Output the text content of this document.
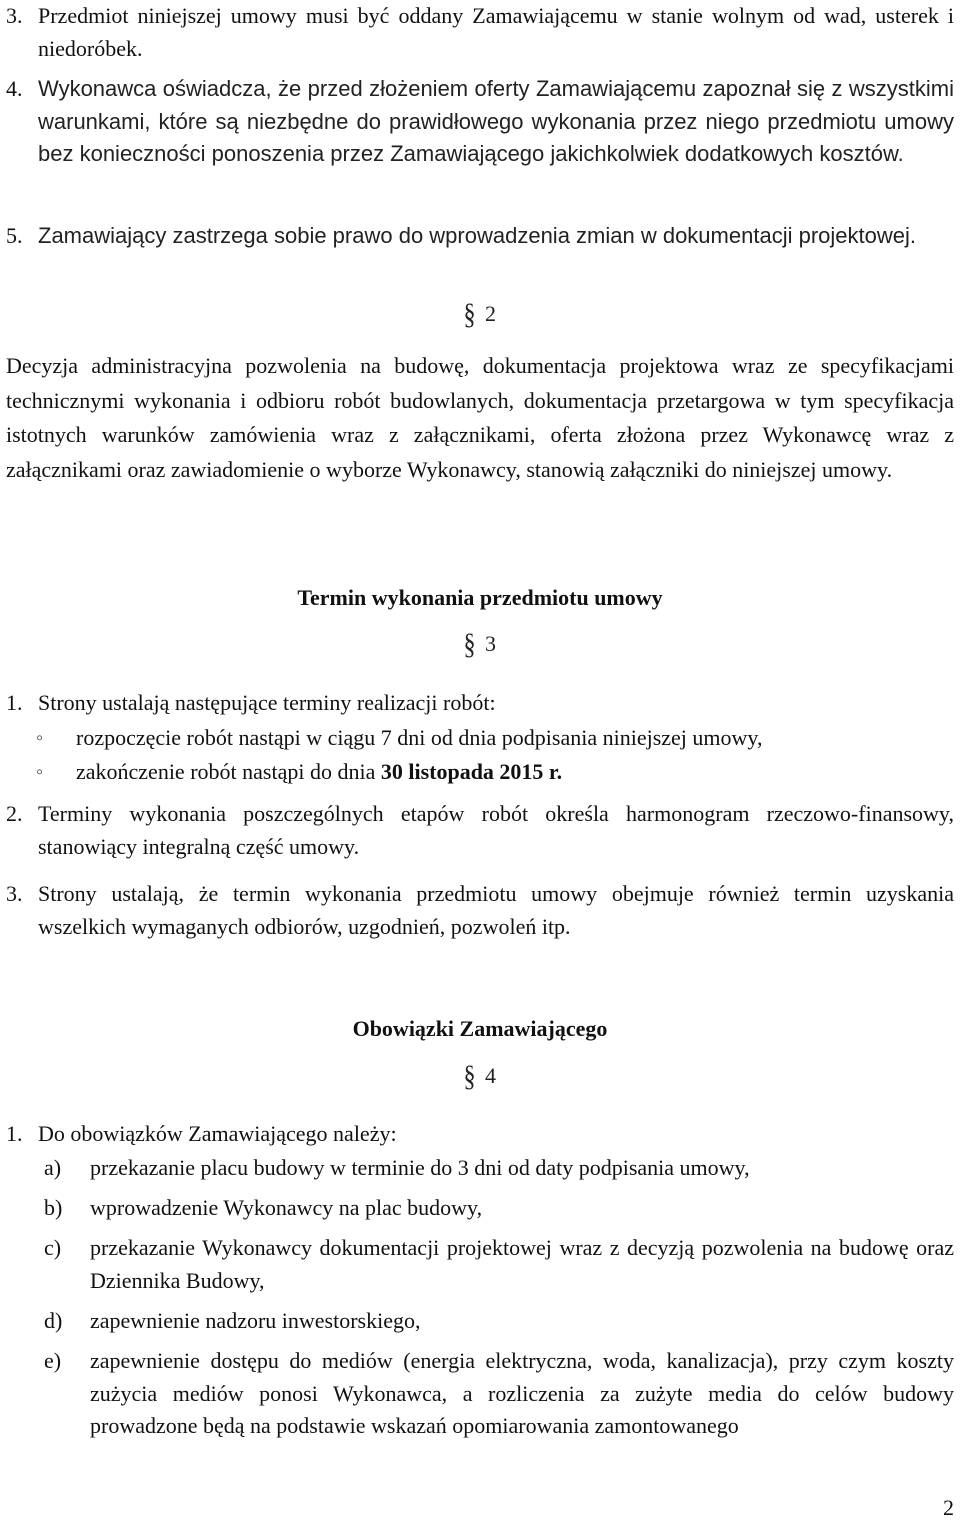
3. Przedmiot niniejszej umowy musi być oddany Zamawiającemu w stanie wolnym od wad, usterek i niedoróbek.
4. Wykonawca oświadcza, że przed złożeniem oferty Zamawiającemu zapoznał się z wszystkimi warunkami, które są niezbędne do prawidłowego wykonania przez niego przedmiotu umowy bez konieczności ponoszenia przez Zamawiającego jakichkolwiek dodatkowych kosztów.
5. Zamawiający zastrzega sobie prawo do wprowadzenia zmian w dokumentacji projektowej.
§ 2
Decyzja administracyjna pozwolenia na budowę, dokumentacja projektowa wraz ze specyfikacjami technicznymi wykonania i odbioru robót budowlanych, dokumentacja przetargowa w tym specyfikacja istotnych warunków zamówienia wraz z załącznikami, oferta złożona przez Wykonawcę wraz z załącznikami oraz zawiadomienie o wyborze Wykonawcy, stanowią załączniki do niniejszej umowy.
Termin wykonania przedmiotu umowy
§ 3
1. Strony ustalają następujące terminy realizacji robót:
◦	rozpoczęcie robót nastąpi w ciągu 7 dni od dnia podpisania niniejszej umowy,
◦	zakończenie robót nastąpi do dnia 30 listopada 2015 r.
2. Terminy wykonania poszczególnych etapów robót określa harmonogram rzeczowo-finansowy, stanowiący integralną część umowy.
3. Strony ustalają, że termin wykonania przedmiotu umowy obejmuje również termin uzyskania wszelkich wymaganych odbiorów, uzgodnień, pozwoleń itp.
Obowiązki Zamawiającego
§ 4
1. Do obowiązków Zamawiającego należy:
a)	przekazanie placu budowy w terminie do 3 dni od daty podpisania umowy,
b)	wprowadzenie Wykonawcy na plac budowy,
c)	przekazanie Wykonawcy dokumentacji projektowej wraz z decyzją pozwolenia na budowę oraz Dziennika Budowy,
d)	zapewnienie nadzoru inwestorskiego,
e)	zapewnienie dostępu do mediów (energia elektryczna, woda, kanalizacja), przy czym koszty zużycia mediów ponosi Wykonawca, a rozliczenia za zużyte media do celów budowy prowadzone będą na podstawie wskazań opomiarowania zamontowanego
2
